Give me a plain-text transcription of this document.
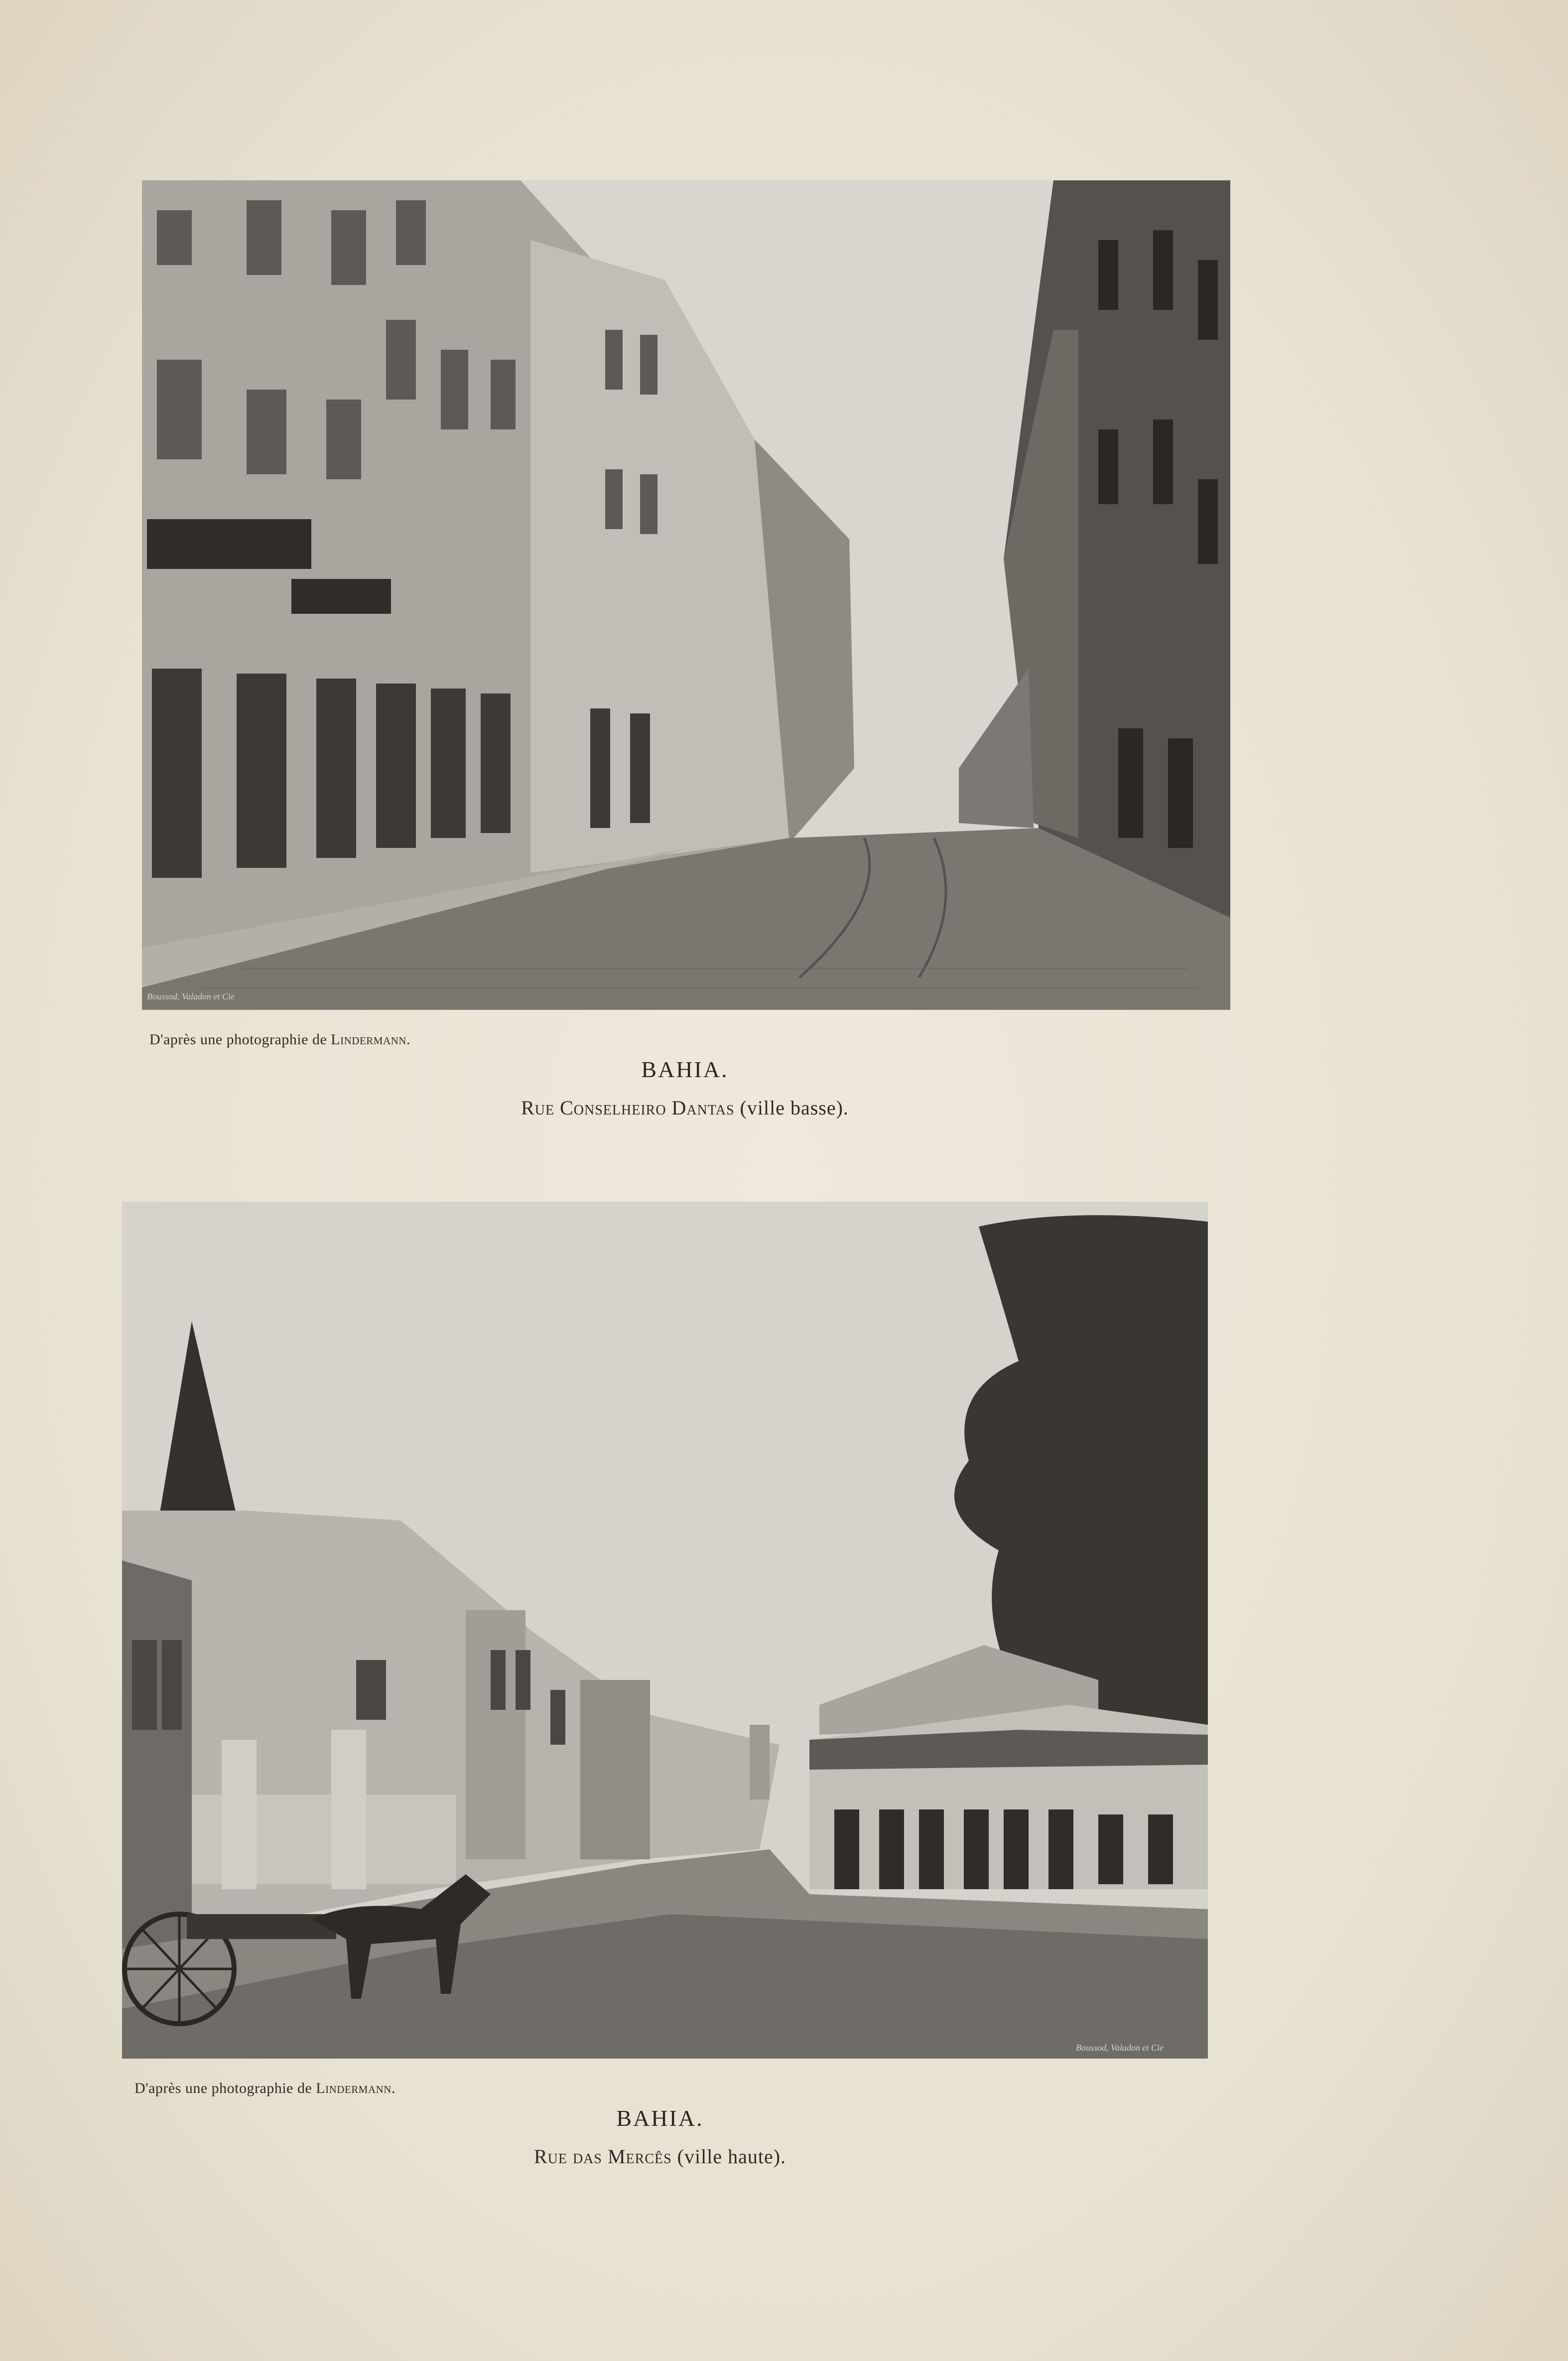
Boussod, Valadon et Cie
D'après une photographie de Lindermann.
BAHIA.
Rue Conselheiro Dantas (ville basse).
Boussod, Valadon et Cie
D'après une photographie de Lindermann.
BAHIA.
Rue das Mercês (ville haute).
